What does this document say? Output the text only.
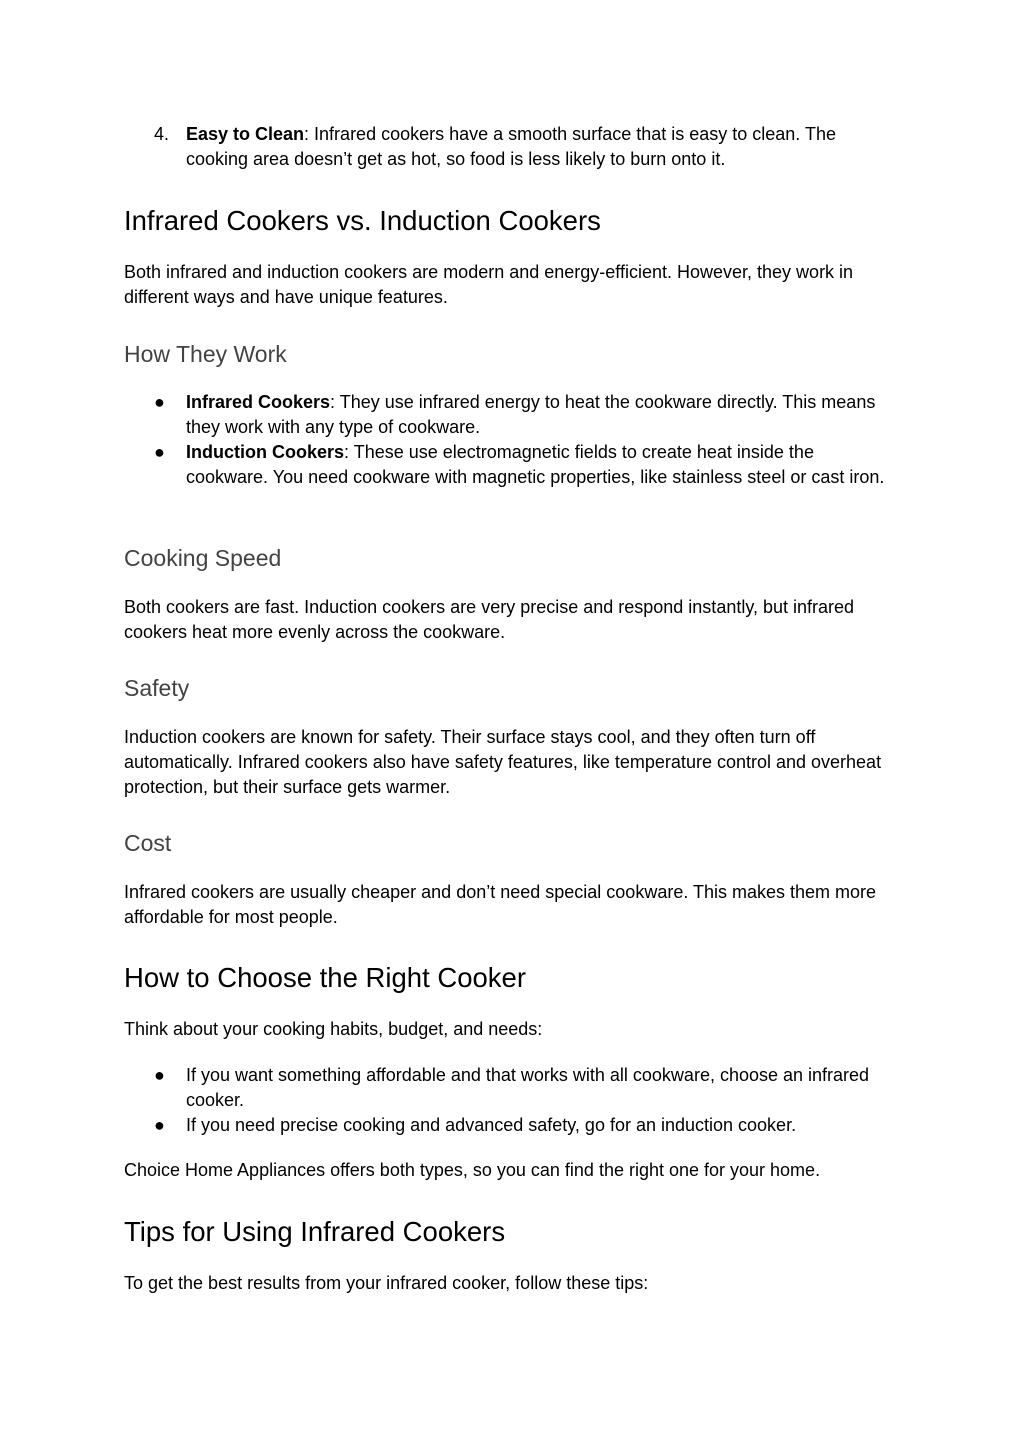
4. Easy to Clean: Infrared cookers have a smooth surface that is easy to clean. The cooking area doesn’t get as hot, so food is less likely to burn onto it.

Infrared Cookers vs. Induction Cookers

Both infrared and induction cookers are modern and energy-efficient. However, they work in different ways and have unique features.

How They Work
● Infrared Cookers: They use infrared energy to heat the cookware directly. This means they work with any type of cookware.

● Induction Cookers: These use electromagnetic fields to create heat inside the cookware. You need cookware with magnetic properties, like stainless steel or cast iron.

Cooking Speed

Both cookers are fast. Induction cookers are very precise and respond instantly, but infrared cookers heat more evenly across the cookware.

Safety

Induction cookers are known for safety. Their surface stays cool, and they often turn off automatically. Infrared cookers also have safety features, like temperature control and overheat protection, but their surface gets warmer.

Cost

Infrared cookers are usually cheaper and don’t need special cookware. This makes them more affordable for most people.

How to Choose the Right Cooker

Think about your cooking habits, budget, and needs:

● If you want something affordable and that works with all cookware, choose an infrared cooker.

● If you need precise cooking and advanced safety, go for an induction cooker.

Choice Home Appliances offers both types, so you can find the right one for your home.

Tips for Using Infrared Cookers

To get the best results from your infrared cooker, follow these tips:
